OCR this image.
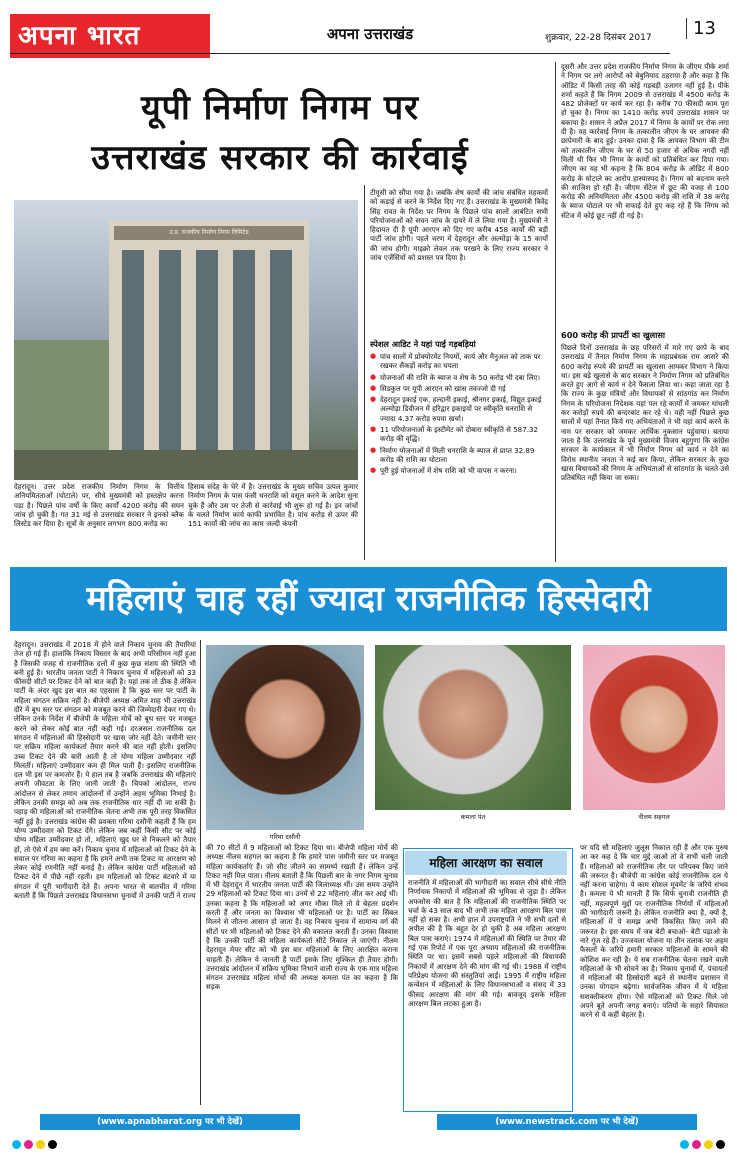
अपना भारत	अपना उत्तराखंड	शुक्रवार, 22-28 दिसंबर 2017	13
यूपी निर्माण निगम पर
उत्तराखंड सरकार की कार्रवाई
उ.प्र. राजकीय निर्माण निगम लिमिटेड
देहरादून। उत्तर प्रदेश राजकीय निर्माण निगम के वित्तीय अनियमितताओं (घोटाले) पर, सीधे मुख्यमंत्री को हस्तक्षेप करना पड़ा है। पिछले पांच वर्षों के किए कार्यों 4200 करोड़ की सघन जांच हो चुकी है। गत 31 मई से उत्तराखंड सरकार ने इनको ब्लैक लिस्टेड कर दिया है। सूत्रों के अनुसार लगभग 800 करोड़ का
हिसाब संदेह के घेरे में है। उत्तराखंड के मुख्य सचिव उत्पल कुमार निर्माण निगम के पास फंसी धनराशि को वसूल करने के आदेश सुना चुके हैं और उस पर तेजी से कार्रवाई भी शुरू हो गई है। इन जांचों के चलते निर्माण कार्य काफी प्रभावित है। पांच करोड़ से ऊपर की 151 कार्यों की जांच का काम जल्दी कंपनी
टीयूसी को सौंपा गया है। जबकि शेष कार्यों की जांच संबंधित महकमों को कड़ाई से करने के निर्देश दिए गए हैं। उत्तराखंड के मुख्यमंत्री त्रिवेंद्र सिंह रावत के निर्देश पर निगम के पिछले पांच सालों आबंटित सभी परियोजनाओं को सघन जांच के दायरे में ले लिया गया है। मुख्यमंत्री ने हिदायत दी है यूपी आरएन को दिए गए करीब 458 कार्यों की बड़ी पार्टी जांच होगी। पहले चरण में देहरादून और अल्मोड़ा के 15 कार्यों की जांच होगी। माइक्रो लेवल तक परखने के लिए राज्य सरकार ने जांच एजेंसियों को प्रशस्त पत्र दिया है।
स्पेशल आडिट ने यहां पाई गड़बड़ियां
● पांच सालों में प्रोक्योरमेंट नियमों, कार्य और मैनुअल को ताक पर रखकर सैकड़ों करोड़ का घपला
● योजनाओं की राशि के ब्याज व शेष के 50 करोड़ भी दबा लिए।
● सिडकुल पर यूपी आरएन को खास तवज्जो दी गई
● देहरादून इकाई एक, हल्दानी इकाई, श्रीनगर इकाई, विद्युत इकाई अल्मोड़ा डिवीजन में हरिद्वार इकाइयों पर स्वीकृति धनराशि से ज्यादा 4.37 करोड़ रुपया खर्चा।
● 11 परियोजनाओं के इस्टीमेट को दोबारा स्वीकृति से 587.32 करोड़ की वृद्धि।
● निर्माण योजनाओं में मिली धनराशि के ब्याज से प्राप्त 32.89 करोड़ की राशि का घोटाला
● पूरी हुई योजनाओं में शेष राशि को भी वापस न करना।
दूसरी और उत्तर प्रदेश राजकीय निर्माण निगम के जीएम पीके शर्मा ने निगम पर लगे आरोपों को बेबुनियाद ठहराया है और कहा है कि ऑडिट में किसी तरह की कोई गड़बड़ी उजागर नहीं हुई है। पीके शर्मा कहते हैं कि निगम 2009 से उत्तराखंड में 4500 करोड़ के 482 प्रोजेक्टों पर कार्य कर रहा है। करीब 70 फीसदी काम पूरा हो चुका है। निगम का 1410 करोड़ रुपये उत्तराखंड शासन पर बकाया है। शासन ने अप्रैल 2017 में निगम के कार्यों पर रोक लगा दी है। यह कार्रवाई निगम के तत्कालीन जीएम के घर आयकर की छापेमारी के बाद हुई। उनका दावा है कि आयकर विभाग की टीम को तत्कालीन जीएम के घर से 50 हजार से अधिक नगदी नहीं मिली थी फिर भी निगम के कार्यों को प्रतिबंधित कर दिया गया। जीएम का यह भी कहना है कि 804 करोड़ के ऑडिट में 800 करोड़ के घोटाले का आरोप हास्यास्पद है। निगम को बदनाम करने की साजिश हो रही है। जीएम सेंटेज में छूट की वजह से 100 करोड़ की अनियमितता और 4500 करोड़ की राशि में 38 करोड़ के ब्याज घोटाले पर भी सफाई देते हुए कह रहे हैं कि निगम को सेंटेज में कोई छूट नहीं दी गई है।
600 करोड़ की प्रापर्टी का खुलासा
पिछले दिनों उत्तराखंड के छह परिसरों में मारे गए छापे के बाद उत्तराखंड में तैनात निर्माण निगम के महाप्रबंधक राम आसरे की 600 करोड़ रुपये की प्रापर्टी का खुलासा आयकर विभाग ने किया था। इस बड़े खुलासे के बाद सरकार ने निर्माण निगम को प्रतिबंधित करते हुए आगे से कार्य न देने फैसला लिया था। कहा जाता रहा है कि राज्य के कुछ मंत्रियों और विधायकों से सांठगांठ कर निर्माण निगम के परियोजना निदेशक यहां पल रहे कार्यों में जमकर धांधली कर करोड़ों रुपये की बन्दरबांट कर रहे थे। यही नहीं पिछले कुछ सालों में यहां तैनात किये गए अभियंताओं ने भी यहां कार्य करने के नाम पर सरकार को जमकर आर्थिक नुकसान पहुंचाया। बताया जाता है कि उत्तराखंड के पूर्व मुख्यमंत्री विजय बहुगुणा कि कांग्रेस सरकार के कार्यकाल में भी निर्माण निगम को कार्य न देने का विरोध स्थानीय जनता ने कई बार किया, लेकिन सरकार के कुछ खास विधायकों की निगम के अभियंताओं से सांठगांठ के चलते उसे प्रतिबंधित नहीं किया जा सका।
महिलाएं चाह रहीं ज्यादा राजनीतिक हिस्सेदारी
देहरादून। उत्तराखंड में 2018 में होने वाले निकाय चुनाव की तैयारियां तेज हो गई हैं। हालांकि निकाय विस्तार के बाद अभी परिसीमन नहीं हुआ है जिसकी वजह से राजनीतिक दलों में कुछ कुछ संशय की स्थिति भी बनी हुई है। भारतीय जनता पार्टी ने निकाय चुनाव में महिलाओं को 33 फीसदी सीटों पर टिकट देने को बात कही है। यहां तक तो ठीक है लेकिन पार्टी के अंदर खुद इस बात का एहसास है कि कुछ स्तर पर पार्टी के महिला संगठन सक्रिय नहीं है। बीजेपी अध्यक्ष अमित शाह भी उत्तराखंड दौरे में बूथ स्तर पर संगठन को मजबूत करने की जिम्मेदारी देकर गए थे। लेकिन उनके निर्देश में बीजेपी के महिला मोर्चे को बूथ स्तर पर मजबूत करने को लेकर कोई बात नहीं कही गई। दरअसल राजनीतिक दल संगठन में महिलाओं की हिस्सेदारी पर खास जोर नहीं देते। जमीनी स्तर पर सक्रिय महिला कार्यकर्ता तैयार करने की बात नहीं होती। इसलिए उच्च टिकट देने की बारी आती है तो योग्य महिला उम्मीदवार नहीं मिलतीं। महिलाएं उम्मीदवार कम ही मिल पाती हैं। इसलिए राजनीतिक दल भी इस पर कमजोर हैं। ये हाल तब है जबकि उत्तराखंड की महिलाएं अपनी जीवटता के लिए जानी जाती हैं। चिपको आंदोलन, राज्य आंदोलन से लेकर तमाम आंदोलनों में उन्होंने अहम भूमिका निभाई है। लेकिन उनकी समझ को अब तक राजनीतिक धार नहीं दी जा सकी है। पहाड़ की महिलाओं को राजनीतिक चेतना अभी तक पूरी तरह विकसित नहीं हुई है। उत्तराखंड कांग्रेस की प्रवक्ता गरिमा दसौनी कहती हैं कि हम योग्य उम्मीदवार को टिकट देंगे। लेकिन जब कहीं किसी सीट पर कोई योग्य महिला उम्मीदवार हो तो, महिलाएं खुद घर से निकलने को तैयार हों, तो ऐसे में हम क्या करें। निकाय चुनाव में महिलाओं को टिकट देने के सवाल पर गरिमा का कहना है कि हमने अभी तक टिकट या आरक्षण को लेकर कोई रणनीति नहीं बनाई है। लेकिन कांग्रेस पार्टी महिलाओं को टिकट देने में पीछे नहीं रहती। हम महिलाओं को टिकट बंटवारे में या संगठन में पूरी भागीदारी देते हैं। अपना भारत से बातचीत में गरिमा बताती हैं कि पिछले उत्तराखंड विधानसभा चुनावों में उनकी पार्टी ने राज्य
गरिमा दसौनी
कमला पंत	नीलम सहगल
की 70 सीटों में 9 महिलाओं को टिकट दिया था। बीजेपी महिला मोर्चे की अध्यक्ष नीलम सहगल का कहना है कि हमारे पास जमीनी स्तर पर मजबूत महिला कार्यकर्ताएं हैं। जो सीट जीतने का सामर्थ्य रखती हैं। लेकिन उन्हें टिकट नहीं मिल पाता। नीलम बताती हैं कि पिछली बार के नगर निगम चुनाव में भी देहरादून में भारतीय जनता पार्टी की जिलाध्यक्ष थीं। उस समय उन्होंने 29 महिलाओं को टिकट दिया था। उनमें से 22 महिलाएं जीत कर आई थीं। उनका कहना है कि महिलाओं को अगर मौका मिले तो वे बेहतर प्रदर्शन करती हैं और जनता का विश्वास भी महिलाओं पर है। पार्टी का सिंबल मिलने से जीतना आसान हो जाता है। वह निकाय चुनाव में सामान्य वर्ग की सीटों पर भी महिलाओं को टिकट देने की वकालत करती हैं। उनका विश्वास है कि उनकी पार्टी की महिला कार्यकर्ता सीटें निकाल ले जाएंगी। नीलम देहरादून मेयर सीट को भी इस बार महिलाओं के लिए आरक्षित कराना चाहती हैं। लेकिन ये जानती हैं पार्टी इसके लिए मुश्किल ही तैयार होगी। उत्तराखंड आंदोलन में सक्रिय भूमिका निभाने वाली राज्य के एक मात्र महिला संगठन उत्तराखंड महिला मोर्चा की अध्यक्ष कमला पंत का कहना है कि सड़क
महिला आरक्षण का सवाल
राजनीति में महिलाओं की भागीदारी का सवाल सीधे सीधे नीति निर्णायक निकायों में महिलाओं की भूमिका से जुड़ा है। लेकिन अफसोस की बात है कि महिलाओं की राजनीतिक स्थिति पर चर्चा के 43 साल बाद भी अभी तक महिला आरक्षण बिल पास नहीं हो सका है। अभी हाल में उपराष्ट्रपति ने भी सभी दलों से अपील की है कि बहुत देर हो चुकी है अब महिला आरक्षण बिल पास कराएं। 1974 में महिलाओं की स्थिति पर तैयार की गई एक रिपोर्ट में एक पूरा अध्याय महिलाओं की राजनीतिक स्थिति पर था। इसमें सबसे पहले महिलाओं की विधायकी निकायों में आरक्षण देने की मांग की गई थी। 1988 में राष्ट्रीय परिप्रेक्ष्य योजना की संस्तुतियां आईं। 1995 में राष्ट्रीय महिला कन्वेंशन में महिलाओं के लिए विधानसभाओं व संसद में 33 फीसद आरक्षण की मांग की गई। बावजूद इसके महिला आरक्षण बिल लटका हुआ है।
पर यदि सौ महिलाएं जुलूस निकाल रही हैं और एक पुरुष आ कर कह दे कि चार मुद्दे जाओ तो वे सभी चली जाती हैं। महिलाओं को राजनीतिक तौर पर परिपक्व किए जाने की जरूरत है। बीजेपी या कांग्रेस कोई राजनीतिक दल ये नहीं करना चाहेगा। ये काम सोशल मूवमेंट के जरिये संभव है। कमला ये भी मानती हैं कि सिर्फ चुनावी राजनीति ही नहीं, महत्वपूर्ण मुद्दों पर राजनीतिक निर्णयों में महिलाओं की भागीदारी जरूरी है। लेकिन राजनीति क्या है, क्यों है, महिलाओं में ये समझ अभी विकसित किए जाने की जरूरत है। इस समय में जब बेटी बचाओ- बेटी पढ़ाओ के नारे गूंज रहे हैं। उज्जवला योजना या तीन तलाक पर अहम फैसलों के जरिये हमारी सरकार महिलाओं के सामने की कोशिश कर रही है। ये सब राजनीतिक चेतना रखने वाली महिलाओं के भी सोचने का है। निकाय चुनावों में, पंचायतों में महिलाओं की हिस्सेदारी बढ़ने से स्थानीय प्रशासन में उनका योगदान बढ़ेगा। सार्वजनिक जीवन में ये महिला सशक्तीकरण होगा। ऐसे महिलाओं को टिकट मिले जो अपने बूते अपनी जगह बनाएं। पतियों के सहारे सियासत करने से ये कहीं बेहतर है।
(www.apnabharat.org पर भी देखें)	(www.newstrack.com पर भी देखें)
